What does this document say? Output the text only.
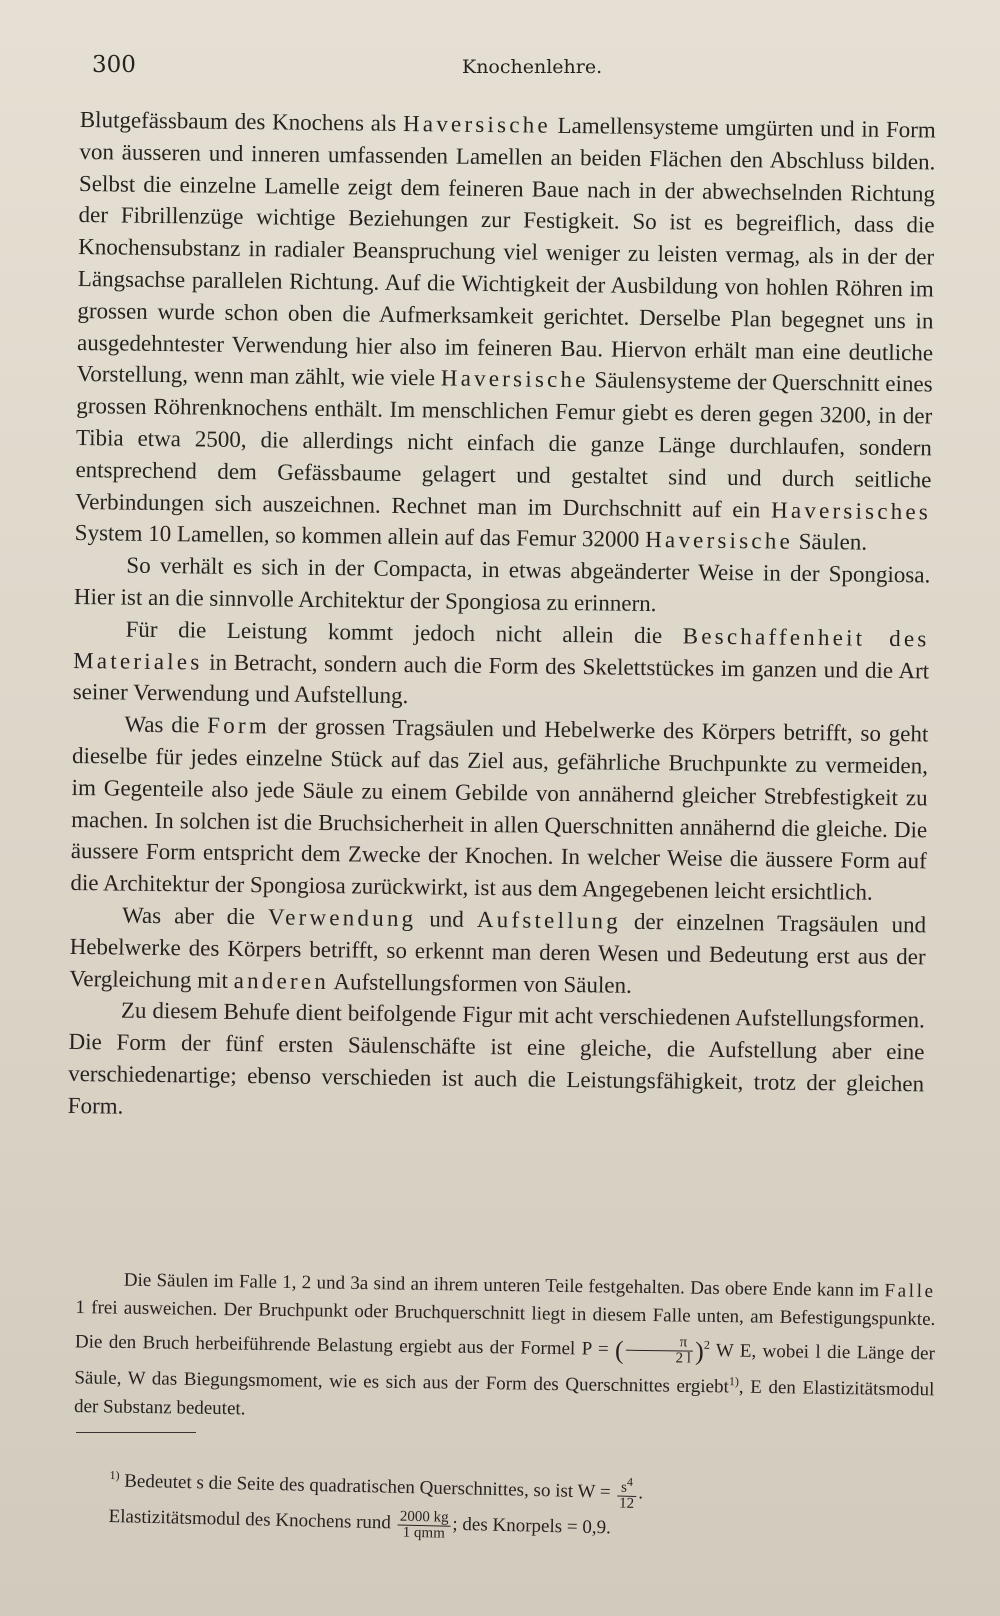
300	Knochenlehre.

Blutgefässbaum des Knochens als Haversische Lamellensysteme umgürten und in Form von äusseren und inneren umfassenden Lamellen an beiden Flächen den Abschluss bilden. Selbst die einzelne Lamelle zeigt dem feineren Baue nach in der abwechselnden Richtung der Fibrillenzüge wichtige Beziehungen zur Festigkeit. So ist es begreiflich, dass die Knochensubstanz in radialer Beanspruchung viel weniger zu leisten vermag, als in der der Längsachse parallelen Richtung. Auf die Wichtigkeit der Ausbildung von hohlen Röhren im grossen wurde schon oben die Aufmerksamkeit gerichtet. Derselbe Plan begegnet uns in ausgedehntester Verwendung hier also im feineren Bau. Hiervon erhält man eine deutliche Vorstellung, wenn man zählt, wie viele Haversische Säulensysteme der Querschnitt eines grossen Röhrenknochens enthält. Im menschlichen Femur giebt es deren gegen 3200, in der Tibia etwa 2500, die allerdings nicht einfach die ganze Länge durchlaufen, sondern entsprechend dem Gefässbaume gelagert und gestaltet sind und durch seitliche Verbindungen sich auszeichnen. Rechnet man im Durchschnitt auf ein Haversisches System 10 Lamellen, so kommen allein auf das Femur 32000 Haversische Säulen.

So verhält es sich in der Compacta, in etwas abgeänderter Weise in der Spongiosa. Hier ist an die sinnvolle Architektur der Spongiosa zu erinnern.

Für die Leistung kommt jedoch nicht allein die Beschaffenheit des Materiales in Betracht, sondern auch die Form des Skelettstückes im ganzen und die Art seiner Verwendung und Aufstellung.

Was die Form der grossen Tragsäulen und Hebelwerke des Körpers betrifft, so geht dieselbe für jedes einzelne Stück auf das Ziel aus, gefährliche Bruchpunkte zu vermeiden, im Gegenteile also jede Säule zu einem Gebilde von annähernd gleicher Strebfestigkeit zu machen. In solchen ist die Bruchsicherheit in allen Querschnitten annähernd die gleiche. Die äussere Form entspricht dem Zwecke der Knochen. In welcher Weise die äussere Form auf die Architektur der Spongiosa zurückwirkt, ist aus dem Angegebenen leicht ersichtlich.

Was aber die Verwendung und Aufstellung der einzelnen Tragsäulen und Hebelwerke des Körpers betrifft, so erkennt man deren Wesen und Bedeutung erst aus der Vergleichung mit anderen Aufstellungsformen von Säulen.

Zu diesem Behufe dient beifolgende Figur mit acht verschiedenen Aufstellungsformen. Die Form der fünf ersten Säulenschäfte ist eine gleiche, die Aufstellung aber eine verschiedenartige; ebenso verschieden ist auch die Leistungsfähigkeit, trotz der gleichen Form.

Die Säulen im Falle 1, 2 und 3a sind an ihrem unteren Teile festgehalten. Das obere Ende kann im Falle 1 frei ausweichen. Der Bruchpunkt oder Bruchquerschnitt liegt in diesem Falle unten, am Befestigungspunkte. Die den Bruch herbeiführende Belastung ergiebt aus der Formel P = ( $\frac{\pi}{2 l} )^2$ W E, wobei l die Länge der Säule, W das Biegungsmoment, wie es sich aus der Form des Querschnittes ergiebt$^{1)}$, E den Elastizitätsmodul der Substanz bedeutet.

$^{1)}$ Bedeutet s die Seite des quadratischen Querschnittes, so ist $W = \frac{s^4}{12}$ .

Elastizitätsmodul des Knochens rund $\frac{2000 kg}{\text{1 qmm}}$ ; des Knorpels = 0,9.
